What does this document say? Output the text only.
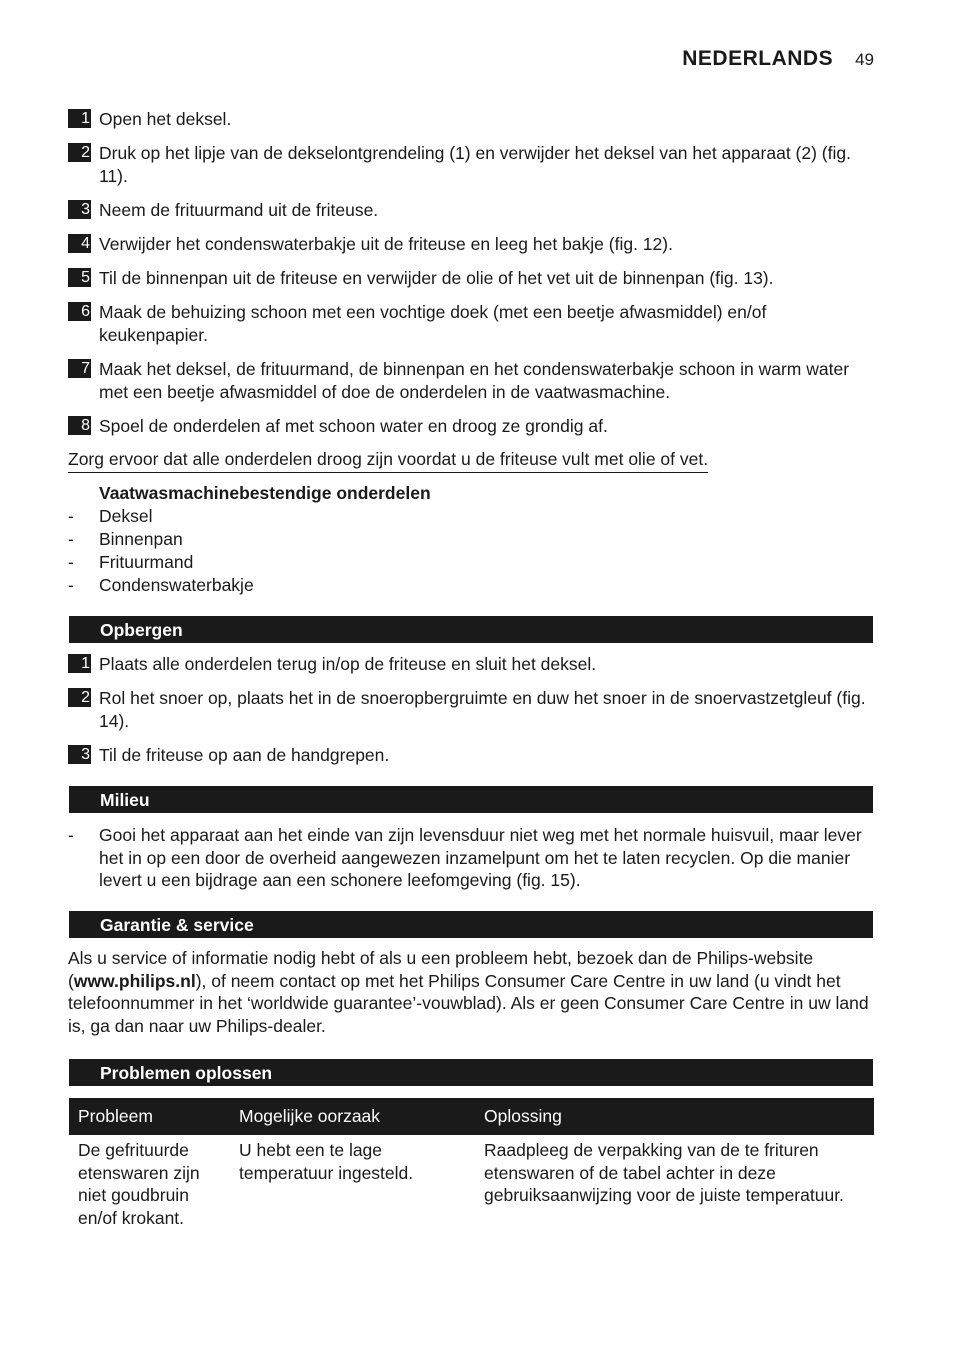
NEDERLANDS 49
1 Open het deksel.
2 Druk op het lipje van de dekselontgrendeling (1) en verwijder het deksel van het apparaat (2) (fig. 11).
3 Neem de frituurmand uit de friteuse.
4 Verwijder het condenswaterbakje uit de friteuse en leeg het bakje (fig. 12).
5 Til de binnenpan uit de friteuse en verwijder de olie of het vet uit de binnenpan (fig. 13).
6 Maak de behuizing schoon met een vochtige doek (met een beetje afwasmiddel) en/of keukenpapier.
7 Maak het deksel, de frituurmand, de binnenpan en het condenswaterbakje schoon in warm water met een beetje afwasmiddel of doe de onderdelen in de vaatwasmachine.
8 Spoel de onderdelen af met schoon water en droog ze grondig af.
Zorg ervoor dat alle onderdelen droog zijn voordat u de friteuse vult met olie of vet.
Vaatwasmachinebestendige onderdelen
-	Deksel
-	Binnenpan
-	Frituurmand
-	Condenswaterbakje
Opbergen
1 Plaats alle onderdelen terug in/op de friteuse en sluit het deksel.
2 Rol het snoer op, plaats het in de snoeropbergruimte en duw het snoer in de snoervastzetgleuf (fig. 14).
3 Til de friteuse op aan de handgrepen.
Milieu
-	Gooi het apparaat aan het einde van zijn levensduur niet weg met het normale huisvuil, maar lever het in op een door de overheid aangewezen inzamelpunt om het te laten recyclen. Op die manier levert u een bijdrage aan een schonere leefomgeving (fig. 15).
Garantie & service
Als u service of informatie nodig hebt of als u een probleem hebt, bezoek dan de Philips-website (www.philips.nl), of neem contact op met het Philips Consumer Care Centre in uw land (u vindt het telefoonnummer in het ‘worldwide guarantee’-vouwblad). Als er geen Consumer Care Centre in uw land is, ga dan naar uw Philips-dealer.
Problemen oplossen
Probleem	Mogelijke oorzaak	Oplossing
De gefrituurde etenswaren zijn niet goudbruin en/of krokant.	U hebt een te lage temperatuur ingesteld.	Raadpleeg de verpakking van de te frituren etenswaren of de tabel achter in deze gebruiksaanwijzing voor de juiste temperatuur.
